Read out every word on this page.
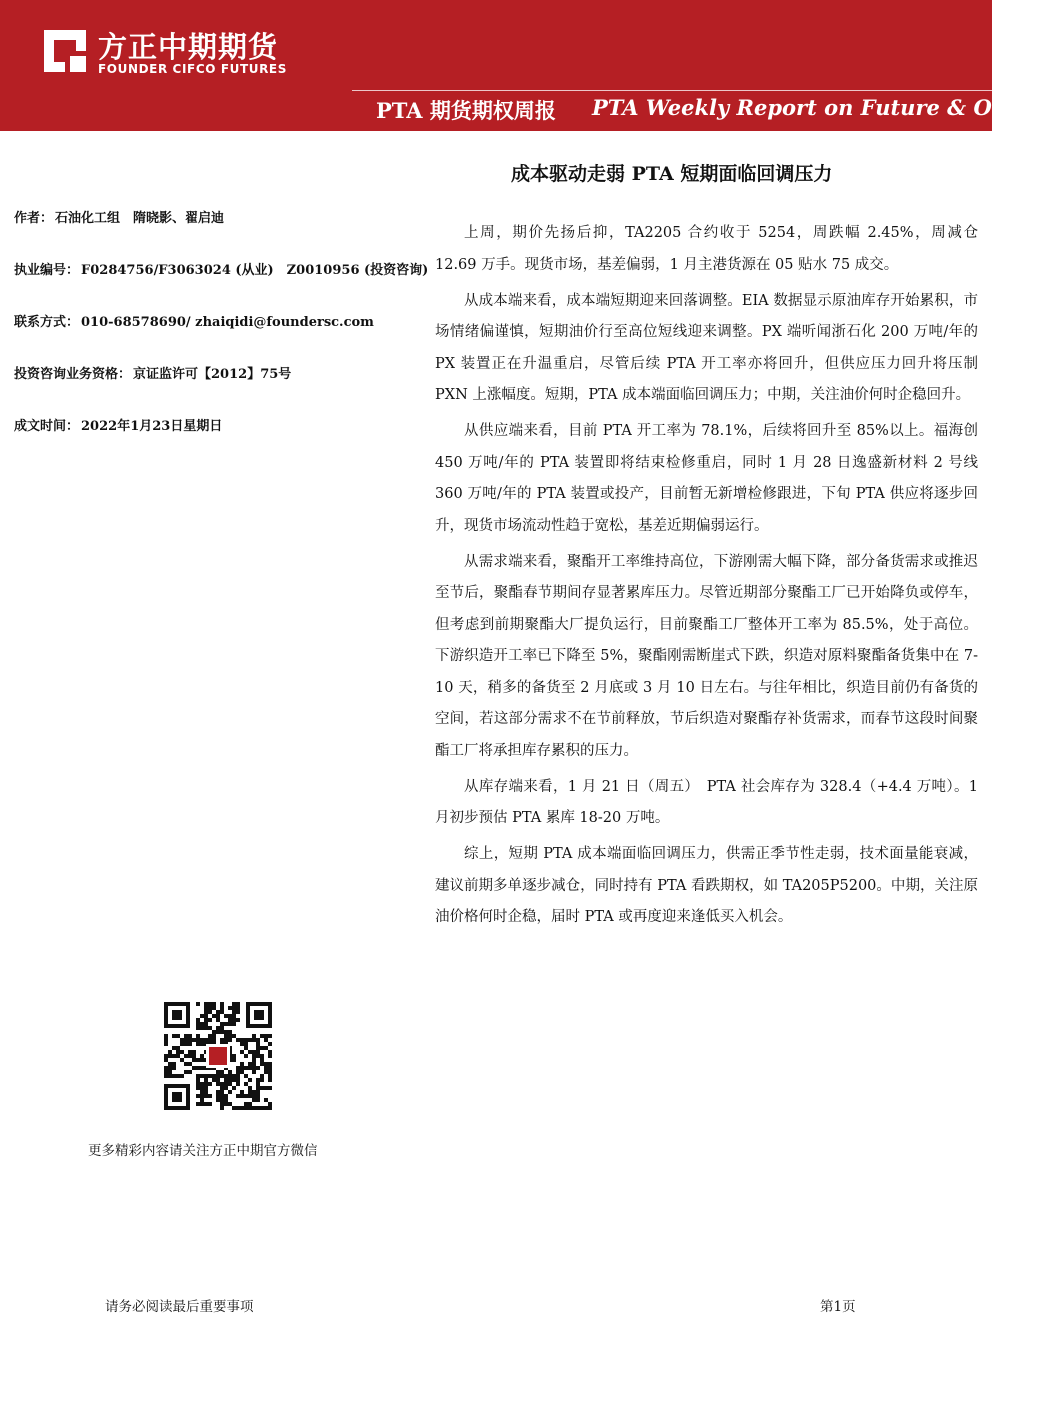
方正中期期货
FOUNDER CIFCO FUTURES
PTA 期货期权周报 PTA Weekly Report on Future & Option
成本驱动走弱 PTA 短期面临回调压力
作者： 石油化工组　隋晓影、翟启迪
执业编号： F0284756/F3063024 (从业)　Z0010956 (投资咨询)
联系方式： 010-68578690/ zhaiqidi@foundersc.com
投资咨询业务资格： 京证监许可【2012】75号
成文时间： 2022年1月23日星期日
更多精彩内容请关注方正中期官方微信

上周，期价先扬后抑，TA2205 合约收于 5254，周跌幅 2.45%，周减仓 12.69 万手。现货市场，基差偏弱，1 月主港货源在 05 贴水 75 成交。

从成本端来看，成本端短期迎来回落调整。EIA 数据显示原油库存开始累积，市场情绪偏谨慎，短期油价行至高位短线迎来调整。PX 端听闻浙石化 200 万吨/年的 PX 装置正在升温重启，尽管后续 PTA 开工率亦将回升，但供应压力回升将压制 PXN 上涨幅度。短期，PTA 成本端面临回调压力；中期，关注油价何时企稳回升。

从供应端来看，目前 PTA 开工率为 78.1%，后续将回升至 85%以上。福海创 450 万吨/年的 PTA 装置即将结束检修重启，同时 1 月 28 日逸盛新材料 2 号线 360 万吨/年的 PTA 装置或投产，目前暂无新增检修跟进，下旬 PTA 供应将逐步回升，现货市场流动性趋于宽松，基差近期偏弱运行。

从需求端来看，聚酯开工率维持高位，下游刚需大幅下降，部分备货需求或推迟至节后，聚酯春节期间存显著累库压力。尽管近期部分聚酯工厂已开始降负或停车，但考虑到前期聚酯大厂提负运行，目前聚酯工厂整体开工率为 85.5%，处于高位。下游织造开工率已下降至 5%，聚酯刚需断崖式下跌，织造对原料聚酯备货集中在 7-10 天，稍多的备货至 2 月底或 3 月 10 日左右。与往年相比，织造目前仍有备货的空间，若这部分需求不在节前释放，节后织造对聚酯存补货需求，而春节这段时间聚酯工厂将承担库存累积的压力。

从库存端来看，1 月 21 日（周五）　PTA 社会库存为 328.4（+4.4 万吨）。1 月初步预估 PTA 累库 18-20 万吨。

综上，短期 PTA 成本端面临回调压力，供需正季节性走弱，技术面量能衰减，建议前期多单逐步减仓，同时持有 PTA 看跌期权，如 TA205P5200。中期，关注原油价格何时企稳，届时 PTA 或再度迎来逢低买入机会。

请务必阅读最后重要事项	第1页
